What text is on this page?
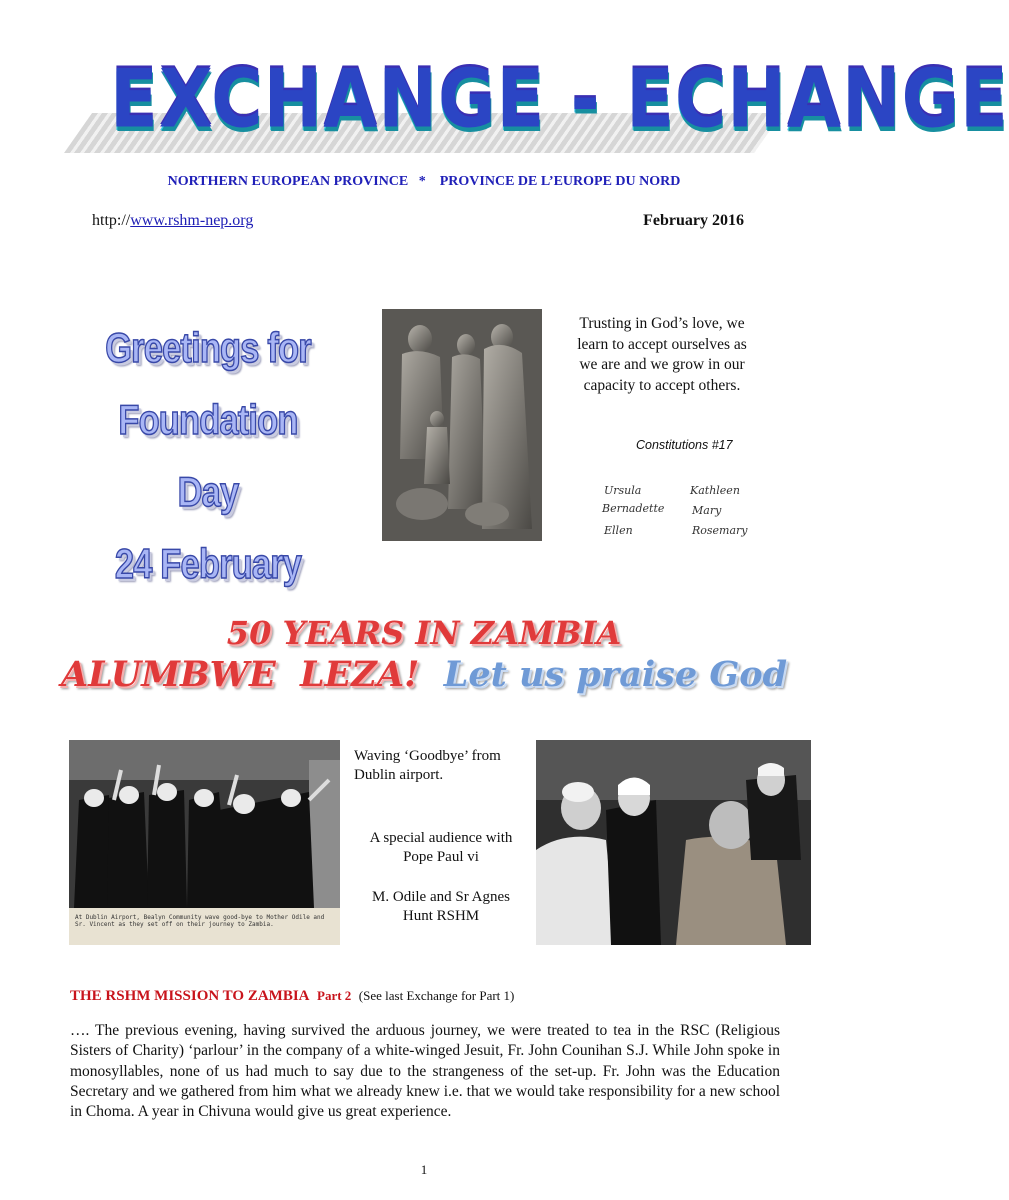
EXCHANGE - ECHANGE
NORTHERN EUROPEAN PROVINCE   *    PROVINCE DE L’EUROPE DU NORD
http://www.rshm-nep.org	February 2016
Greetings for
Foundation Day
24 February
Trusting in God’s love, we learn to accept ourselves as we are and we grow in our capacity to accept others.
Constitutions #17
Ursula	Kathleen
Bernadette	Mary
Ellen	Rosemary
50 YEARS IN ZAMBIA
ALUMBWE  LEZA! Let us praise God
At Dublin Airport, Bealyn Community wave good-bye to Mother Odile and Sr. Vincent as they set off on their journey to Zambia.
Waving ‘Goodbye’ from Dublin airport.
A special audience with Pope Paul vi
M. Odile and Sr Agnes Hunt RSHM
THE RSHM MISSION TO ZAMBIA Part 2 (See last Exchange for Part 1)
…. The previous evening, having survived the arduous journey, we were treated to tea in the RSC (Religious Sisters of Charity) ‘parlour’ in the company of a white-winged Jesuit, Fr. John Counihan S.J. While John spoke in monosyllables, none of us had much to say due to the strangeness of the set-up. Fr. John was the Education Secretary and we gathered from him what we already knew i.e. that we would take responsibility for a new school in Choma. A year in Chivuna would give us great experience.
1
